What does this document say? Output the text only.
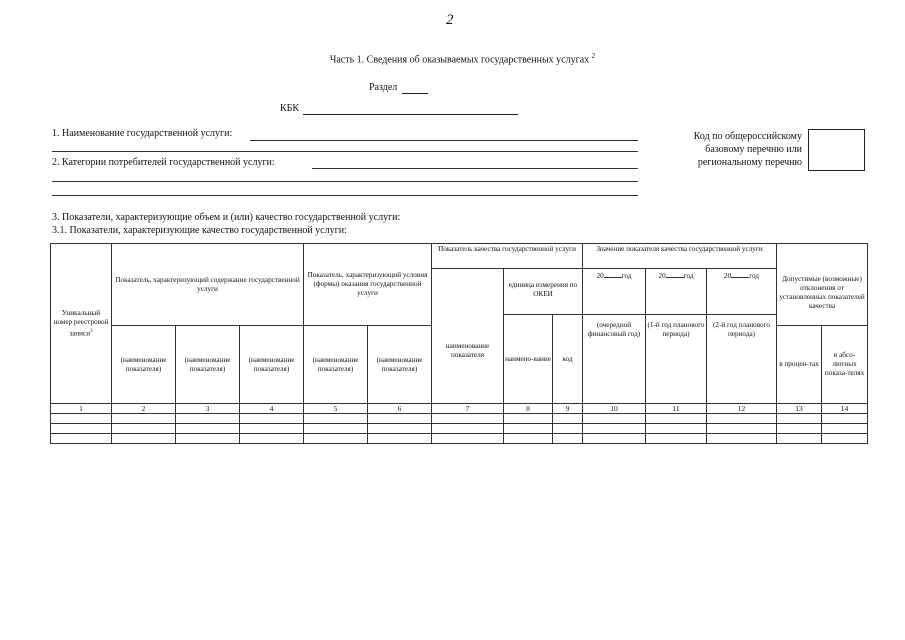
2
Часть 1. Сведения об оказываемых государственных услугах $^2$
Раздел
КБК
1. Наименование государственной услуги:
2. Категории потребителей государственной услуги:
Код по общероссийскому базовому перечню или региональному перечню
3. Показатели, характеризующие объем и (или) качество государственной услуги:
3.1. Показатели, характеризующие качество государственной услуги:
Уникальный номер реестровой записи$^3$	Показатель, характеризующий содержание государственной услуги			Показатель, характеризующий условия (формы) оказания государственной услуги		Показатель качества государственной услуги			Значение показателя качества государственной услуги			Допустимые (возможные) отклонения от установленных показателей качества	
						наименование показателя	единица измерения по ОКЕИ		20 год	20 год	20 год		
							наимено-вание	код	(очередной финансовый год)	(1-й год планового периода)	(2-й год планового периода)		
	(наименование показателя)	(наименование показателя)	(наименование показателя)	(наименование показателя)	(наименование показателя)							в процен-тах	в абсо-лютных показа-телях
1	2	3	4	5	6	7	8	9	10	11	12	13	14
